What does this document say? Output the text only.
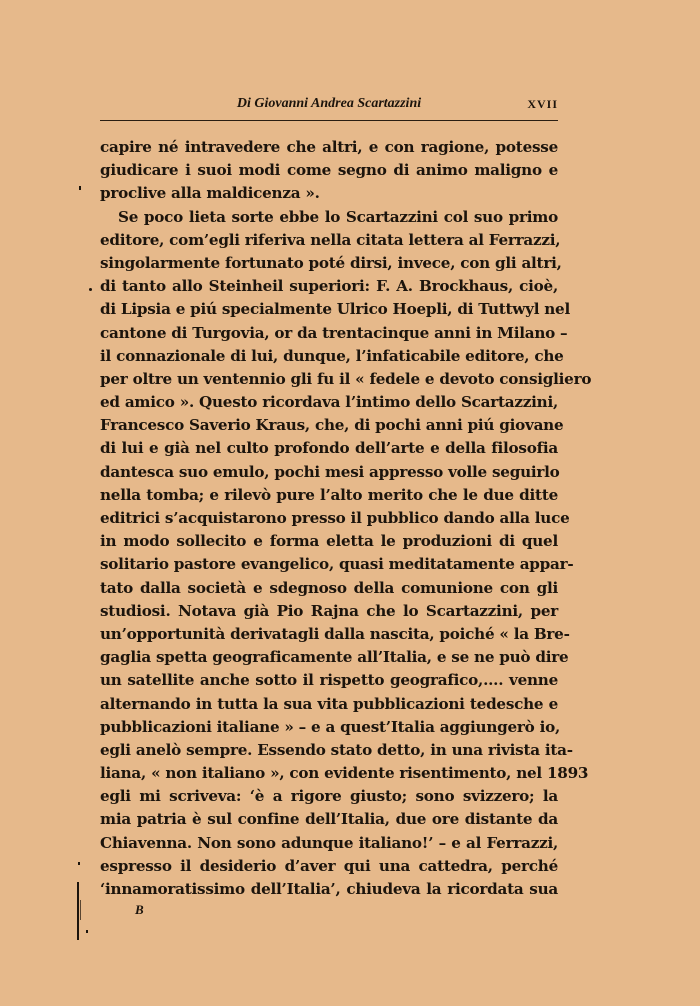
Di Giovanni Andrea Scartazzini	XVII
capire né intravedere che altri, e con ragione, potesse
giudicare i suoi modi come segno di animo maligno e
proclive alla maldicenza ».
Se poco lieta sorte ebbe lo Scartazzini col suo primo
editore, com’egli riferiva nella citata lettera al Ferrazzi,
singolarmente fortunato poté dirsi, invece, con gli altri,
di tanto allo Steinheil superiori: F. A. Brockhaus, cioè,
di Lipsia e piú specialmente Ulrico Hoepli, di Tuttwyl nel
cantone di Turgovia, or da trentacinque anni in Milano –
il connazionale di lui, dunque, l’infaticabile editore, che
per oltre un ventennio gli fu il « fedele e devoto consigliero
ed amico ». Questo ricordava l’intimo dello Scartazzini,
Francesco Saverio Kraus, che, di pochi anni piú giovane
di lui e già nel culto profondo dell’arte e della filosofia
dantesca suo emulo, pochi mesi appresso volle seguirlo
nella tomba; e rilevò pure l’alto merito che le due ditte
editrici s’acquistarono presso il pubblico dando alla luce
in modo sollecito e forma eletta le produzioni di quel
solitario pastore evangelico, quasi meditatamente appar-
tato dalla società e sdegnoso della comunione con gli
studiosi. Notava già Pio Rajna che lo Scartazzini, per
un’opportunità derivatagli dalla nascita, poiché « la Bre-
gaglia spetta geograficamente all’Italia, e se ne può dire
un satellite anche sotto il rispetto geografico,.... venne
alternando in tutta la sua vita pubblicazioni tedesche e
pubblicazioni italiane » – e a quest’Italia aggiungerò io,
egli anelò sempre. Essendo stato detto, in una rivista ita-
liana, « non italiano », con evidente risentimento, nel 1893
egli mi scriveva: ‘è a rigore giusto; sono svizzero; la
mia patria è sul confine dell’Italia, due ore distante da
Chiavenna. Non sono adunque italiano!’ – e al Ferrazzi,
espresso il desiderio d’aver qui una cattedra, perché
‘innamoratissimo dell’Italia’, chiudeva la ricordata sua
B
